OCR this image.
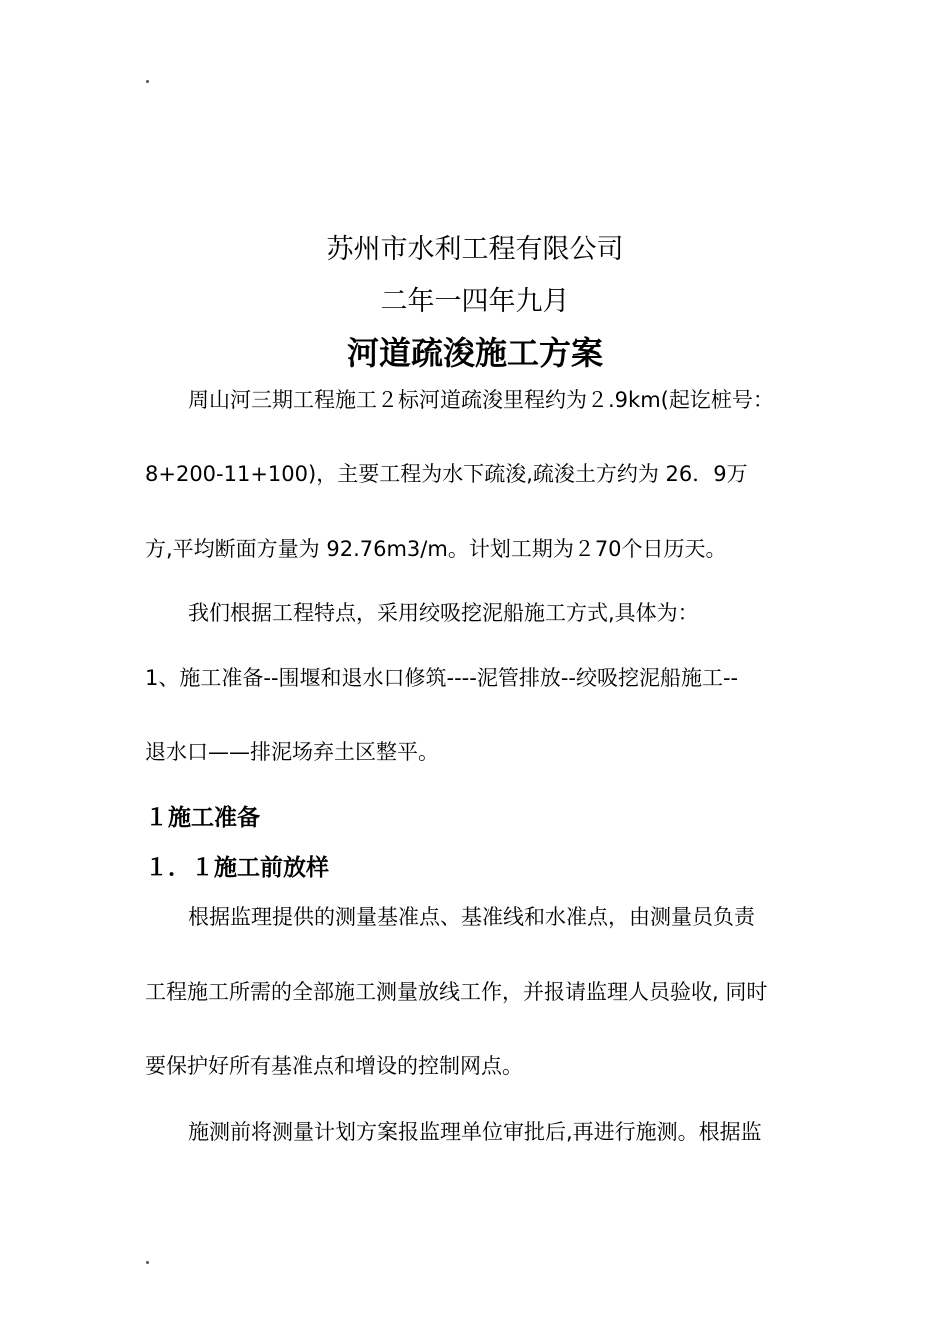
苏州市水利工程有限公司
二年一四年九月
河道疏浚施工方案
周山河三期工程施工２标河道疏浚里程约为２.9km(起讫桩号：
8+200-11+100)，主要工程为水下疏浚,疏浚土方约为 26．9万
方,平均断面方量为 92.76m3/m。计划工期为２70个日历天。
我们根据工程特点，采用绞吸挖泥船施工方式,具体为：
1、施工准备--围堰和退水口修筑----泥管排放--绞吸挖泥船施工--
退水口——排泥场弃土区整平。
１施工准备
１．１施工前放样
根据监理提供的测量基准点、基准线和水准点，由测量员负责
工程施工所需的全部施工测量放线工作，并报请监理人员验收, 同时
要保护好所有基准点和增设的控制网点。
施测前将测量计划方案报监理单位审批后,再进行施测。根据监
